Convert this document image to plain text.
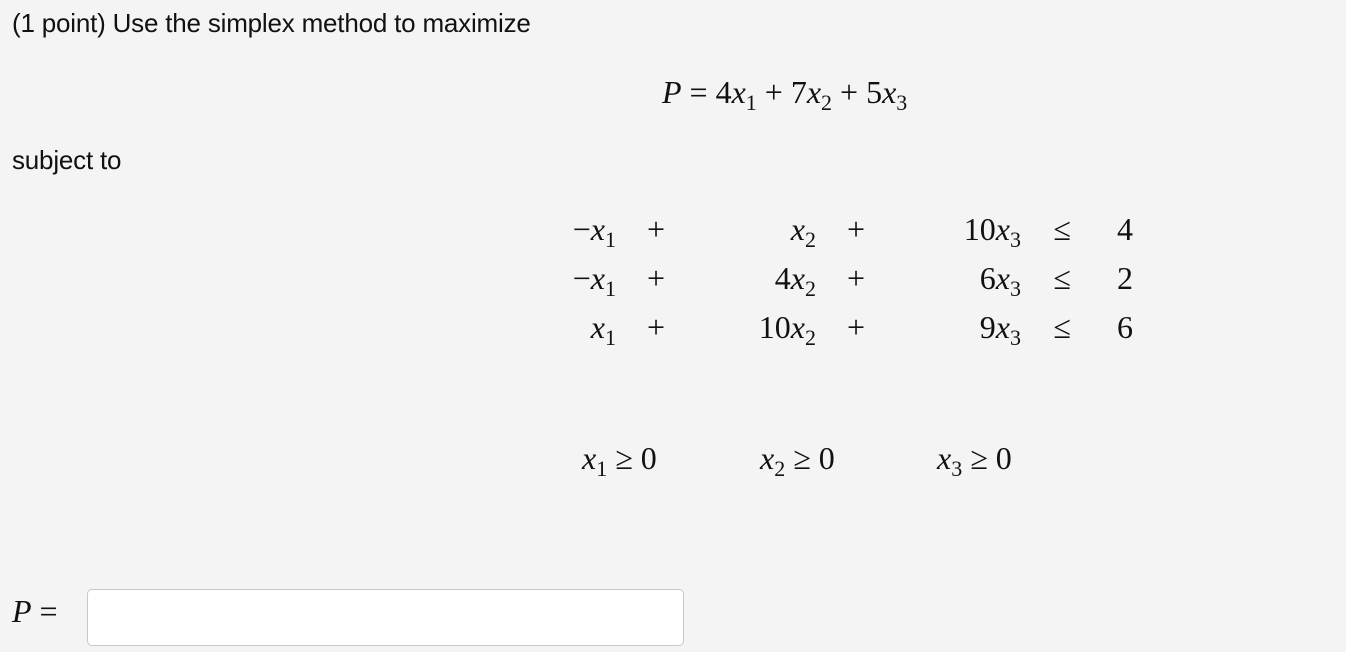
(1 point) Use the simplex method to maximize
$P = 4x_1 + 7x_2 + 5x_3$
subject to
$-x_1$	+	$x_2$	+	$10x_3$	≤	4
$-x_1$	+	$4x_2$	+	$6x_3$	≤	2
$x_1$	+	$10x_2$	+	$9x_3$	≤	6
$x_1 \ge 0$	$x_2 \ge 0$	$x_3 \ge 0$
P =
